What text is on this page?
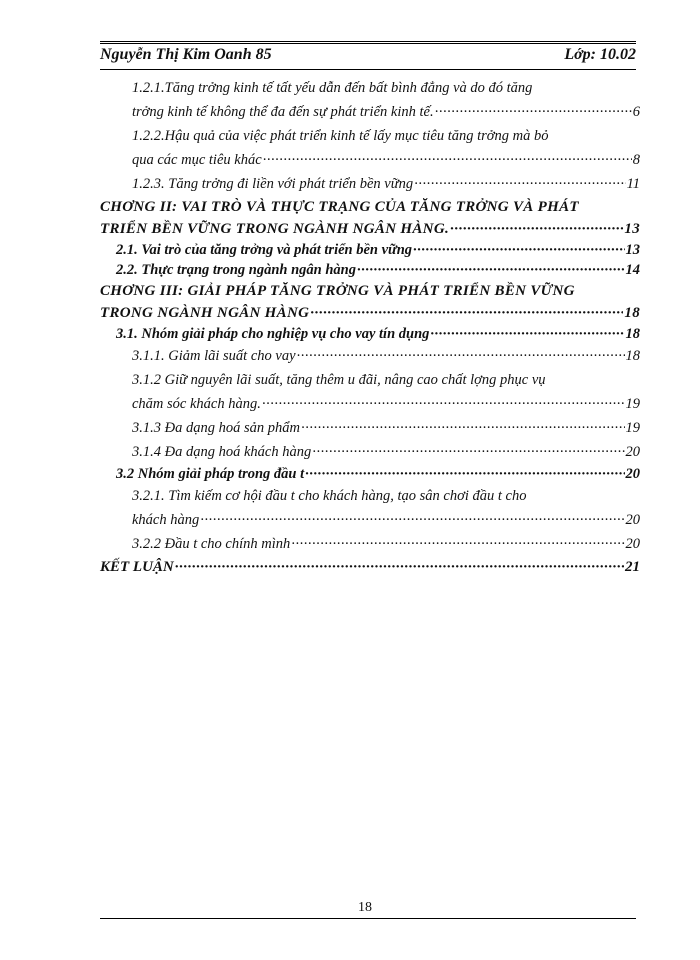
Nguyễn Thị Kim Oanh 85	Lớp: 10.02
1.2.1.Tăng trởng kinh tế tất yếu dẫn đến bất bình đẳng và do đó tăng
trởng kinh tế không thể đa đến sự phát triển kinh tế. ·····	6
1.2.2.Hậu quả của việc phát triển kinh tế lấy mục tiêu tăng trởng mà bỏ
qua các mục tiêu khác ·····	8
1.2.3. Tăng trởng đi liền với phát triển bền vững ·····	11
CHƠNG II: VAI TRÒ VÀ THỰC TRẠNG CỦA TĂNG TRỞNG VÀ PHÁT
TRIỂN BỀN VỮNG TRONG NGÀNH NGÂN HÀNG. ·····	13
2.1. Vai trò của tăng trởng và phát triển bền vững ·····	13
2.2. Thực trạng trong ngành ngân hàng ·····	14
CHƠNG III: GIẢI PHÁP TĂNG TRỞNG VÀ PHÁT TRIỂN BỀN VỮNG
TRONG NGÀNH NGÂN HÀNG ·····	18
3.1. Nhóm giải pháp cho nghiệp vụ cho vay tín dụng ·····	18
3.1.1. Giảm lãi suất cho vay ·····	18
3.1.2 Giữ nguyên lãi suất, tăng thêm u đãi, nâng cao chất lợng phục vụ
chăm sóc khách hàng. ·····	19
3.1.3 Đa dạng hoá sản phẩm ·····	19
3.1.4 Đa dạng hoá khách hàng ·····	20
3.2 Nhóm giải pháp trong đầu t ·····	20
3.2.1. Tìm kiếm cơ hội đầu t cho khách hàng, tạo sân chơi đầu t cho
khách hàng ·····	20
3.2.2 Đầu t cho chính mình ·····	20
KẾT LUẬN ·····	21
18
